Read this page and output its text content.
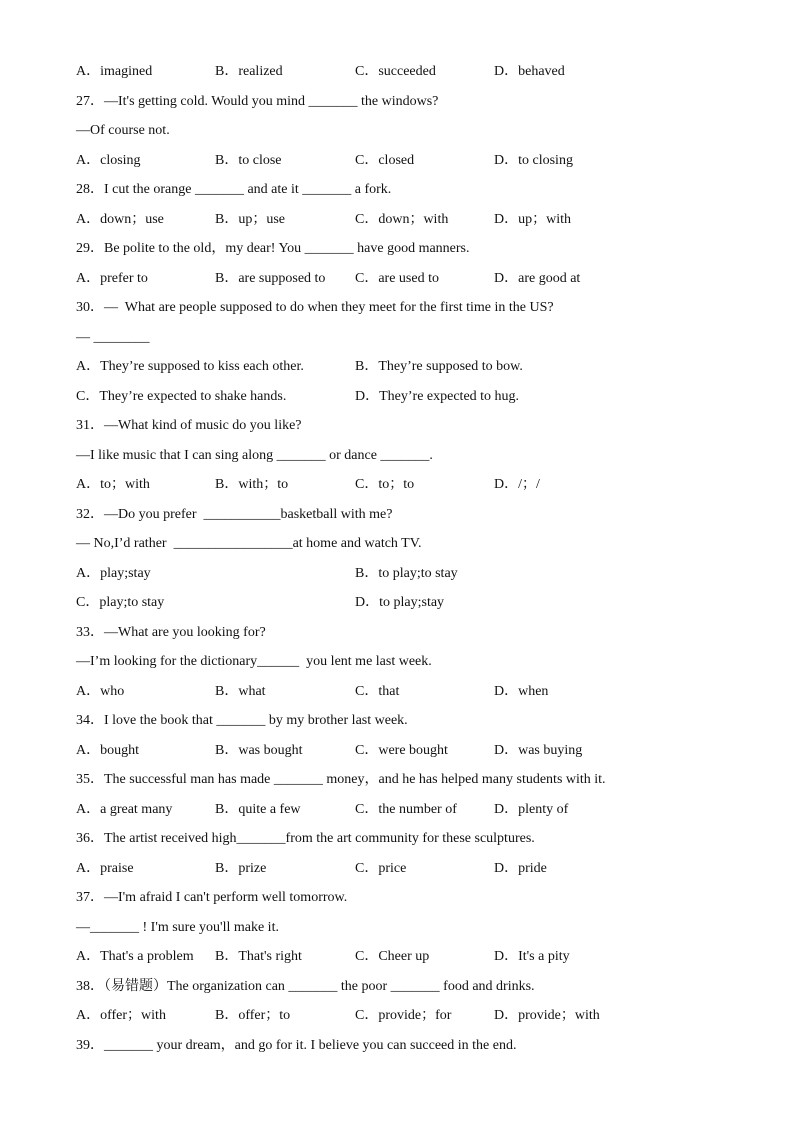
A．imagined	B．realized	C．succeeded	D．behaved

27．—It's getting cold. Would you mind _______ the windows?

—Of course not.

A．closing	B．to close	C．closed	D．to closing

28．I cut the orange _______ and ate it _______ a fork.

A．down；use	B．up；use	C．down；with	D．up；with

29．Be polite to the old，my dear! You _______ have good manners.

A．prefer to	B．are supposed to C．are used to	D．are good at

30．—  What are people supposed to do when they meet for the first time in the US?

— ________

A．They’re supposed to kiss each other.	B．They’re supposed to bow.
C．They’re expected to shake hands.	D．They’re expected to hug.

31．—What kind of music do you like?

—I like music that I can sing along _______ or dance _______.

A．to；with	B．with；to	C．to；to	D．/；/

32．—Do you prefer  ___________basketball with me?

— No,I’d rather  _________________at home and watch TV.

A．play;stay	B．to play;to stay
C．play;to stay	D．to play;stay

33．—What are you looking for?

—I’m looking for the dictionary______  you lent me last week.

A．who	B．what	C．that	D．when

34．I love the book that _______ by my brother last week.

A．bought	B．was bought	C．were bought	D．was buying

35．The successful man has made _______ money，and he has helped many students with it.

A．a great many	B．quite a few	C．the number of	D．plenty of

36．The artist received high_______from the art community for these sculptures.

A．praise	B．prize	C．price	D．pride

37．—I'm afraid I can't perform well tomorrow.

—_______ ! I'm sure you'll make it.

A．That's a problem B．That's right	C．Cheer up	D．It's a pity

38．（易错题）The organization can _______ the poor _______ food and drinks.

A．offer；with	B．offer；to	C．provide；for	D．provide；with

39．_______ your dream，and go for it. I believe you can succeed in the end.
